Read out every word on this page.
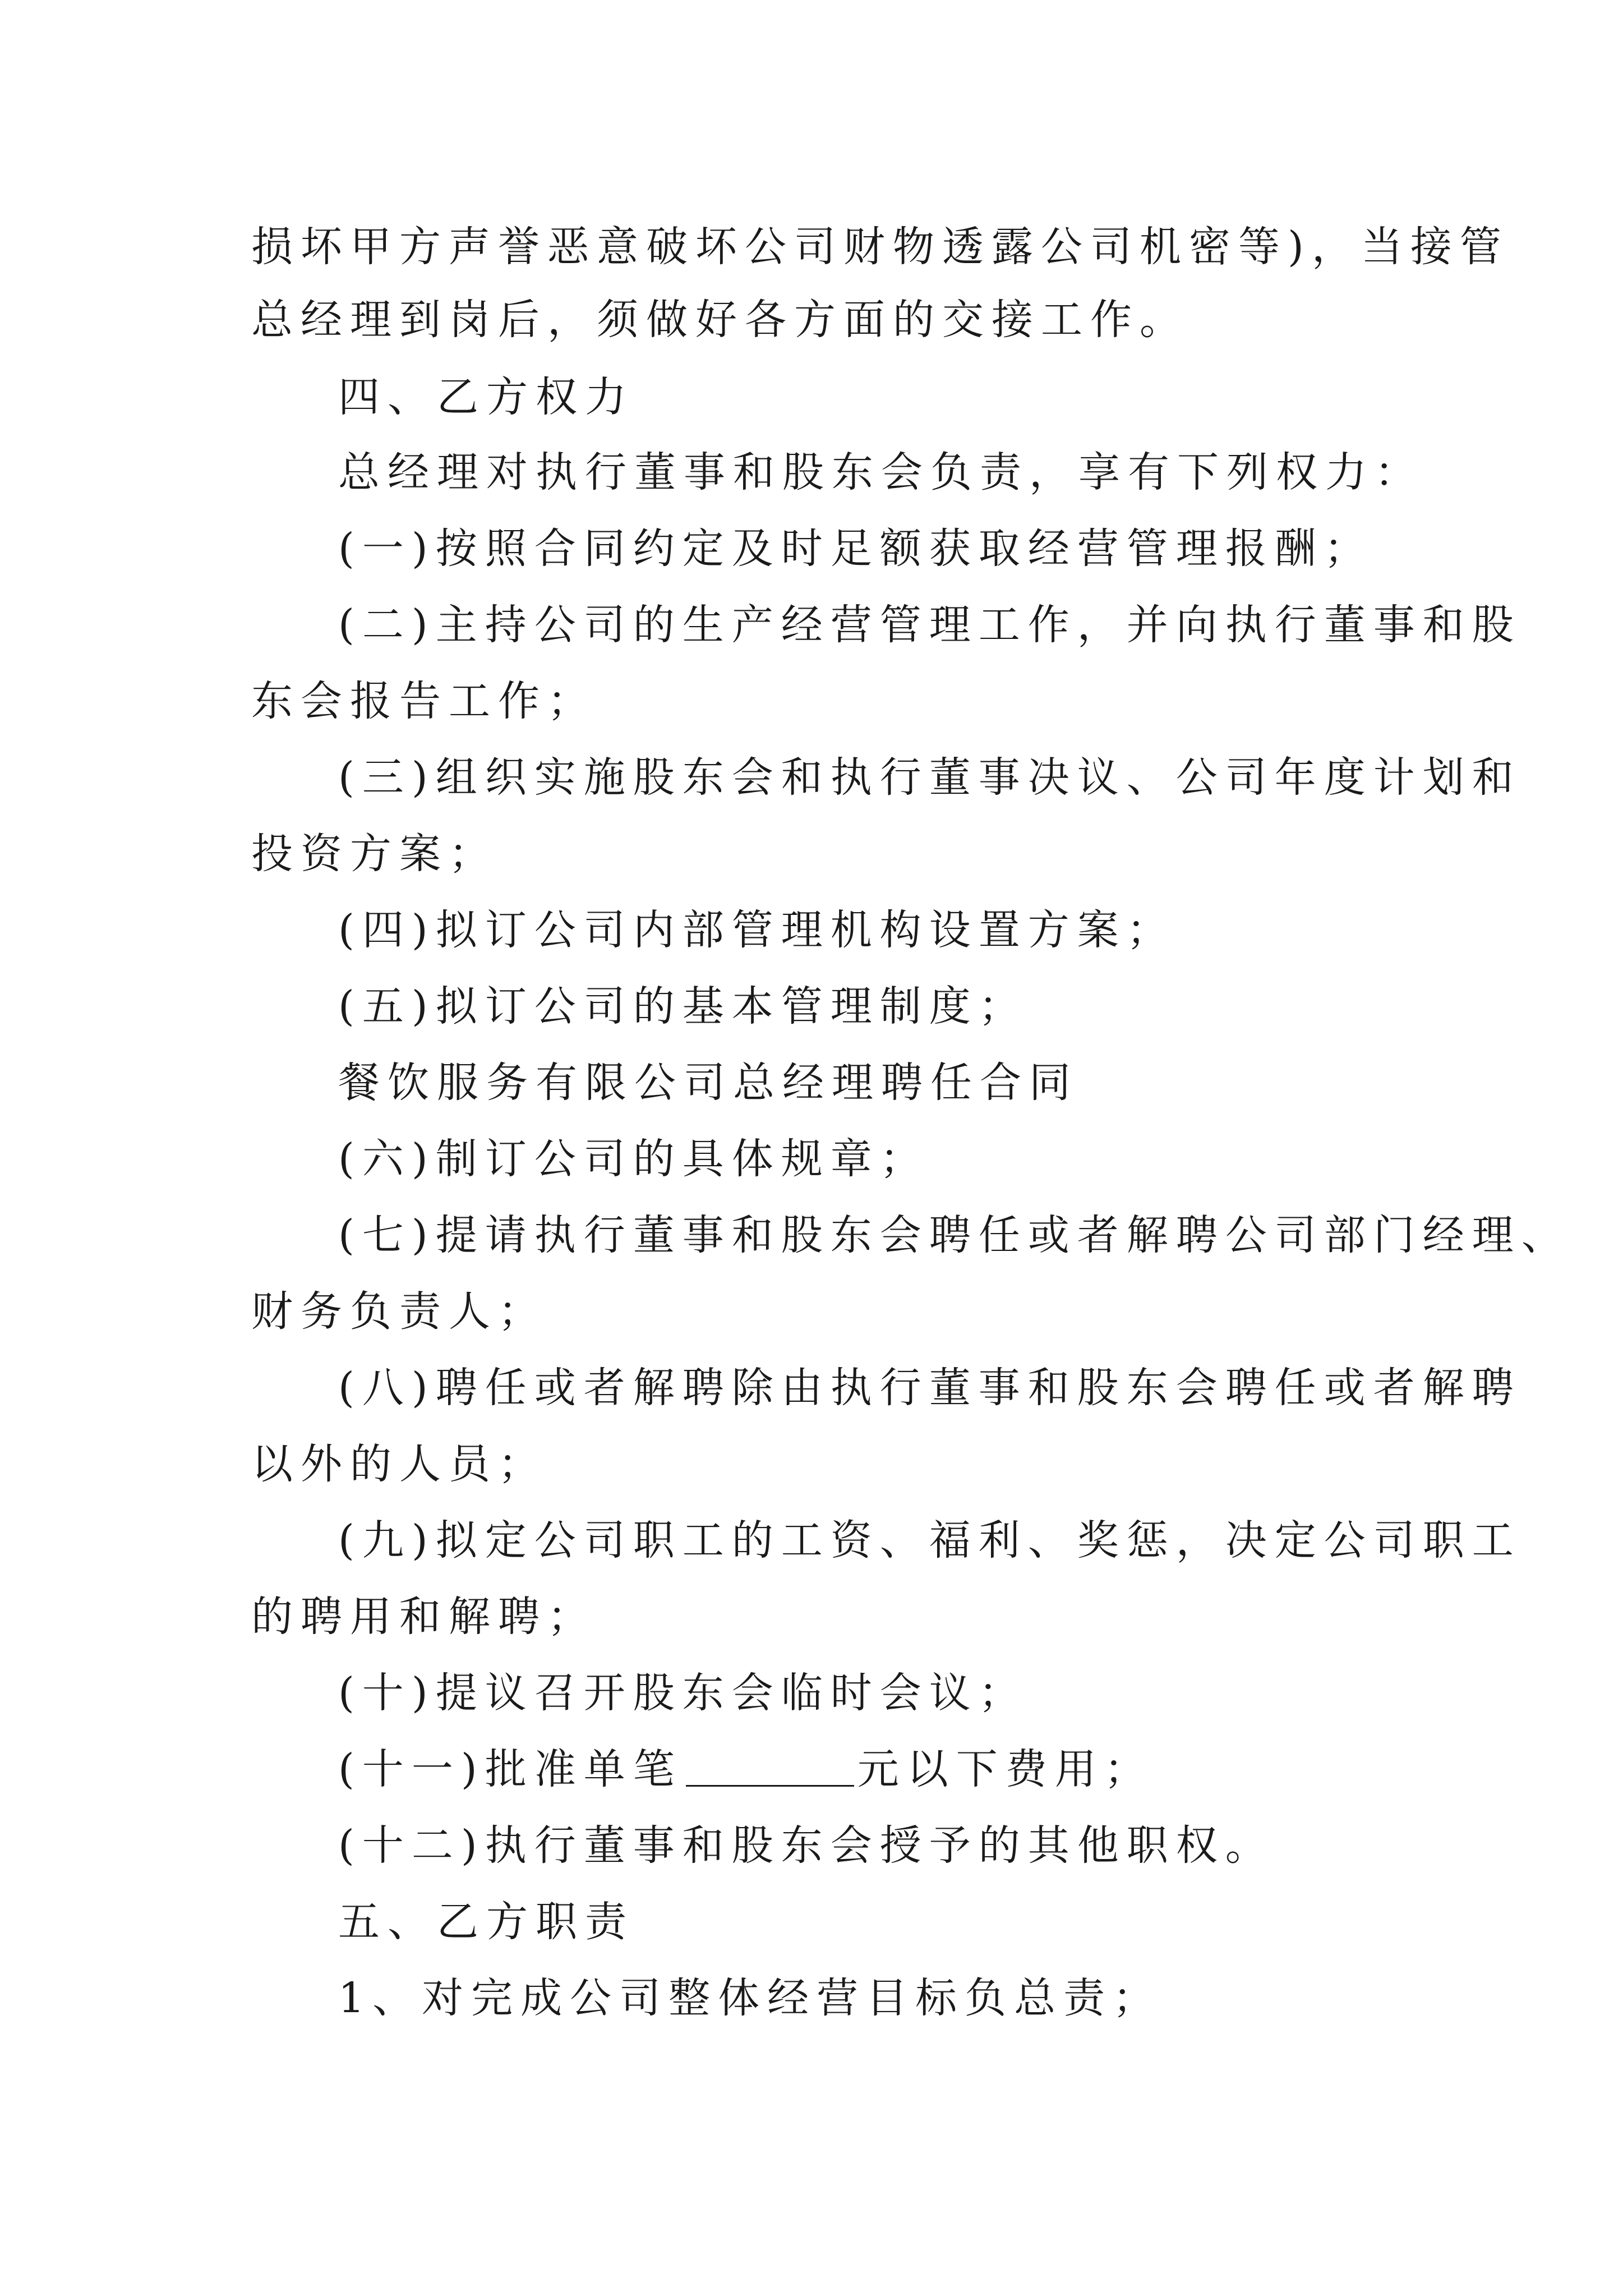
损坏甲方声誉恶意破坏公司财物透露公司机密等)，当接管
总经理到岗后，须做好各方面的交接工作。
四、乙方权力
总经理对执行董事和股东会负责，享有下列权力：
(一)按照合同约定及时足额获取经营管理报酬；
(二)主持公司的生产经营管理工作，并向执行董事和股
东会报告工作；
(三)组织实施股东会和执行董事决议、公司年度计划和
投资方案；
(四)拟订公司内部管理机构设置方案；
(五)拟订公司的基本管理制度；
餐饮服务有限公司总经理聘任合同
(六)制订公司的具体规章；
(七)提请执行董事和股东会聘任或者解聘公司部门经理、
财务负责人；
(八)聘任或者解聘除由执行董事和股东会聘任或者解聘
以外的人员；
(九)拟定公司职工的工资、福利、奖惩，决定公司职工
的聘用和解聘；
(十)提议召开股东会临时会议；
(十一)批准单笔	元以下费用；
(十二)执行董事和股东会授予的其他职权。
五、乙方职责
1、对完成公司整体经营目标负总责；
